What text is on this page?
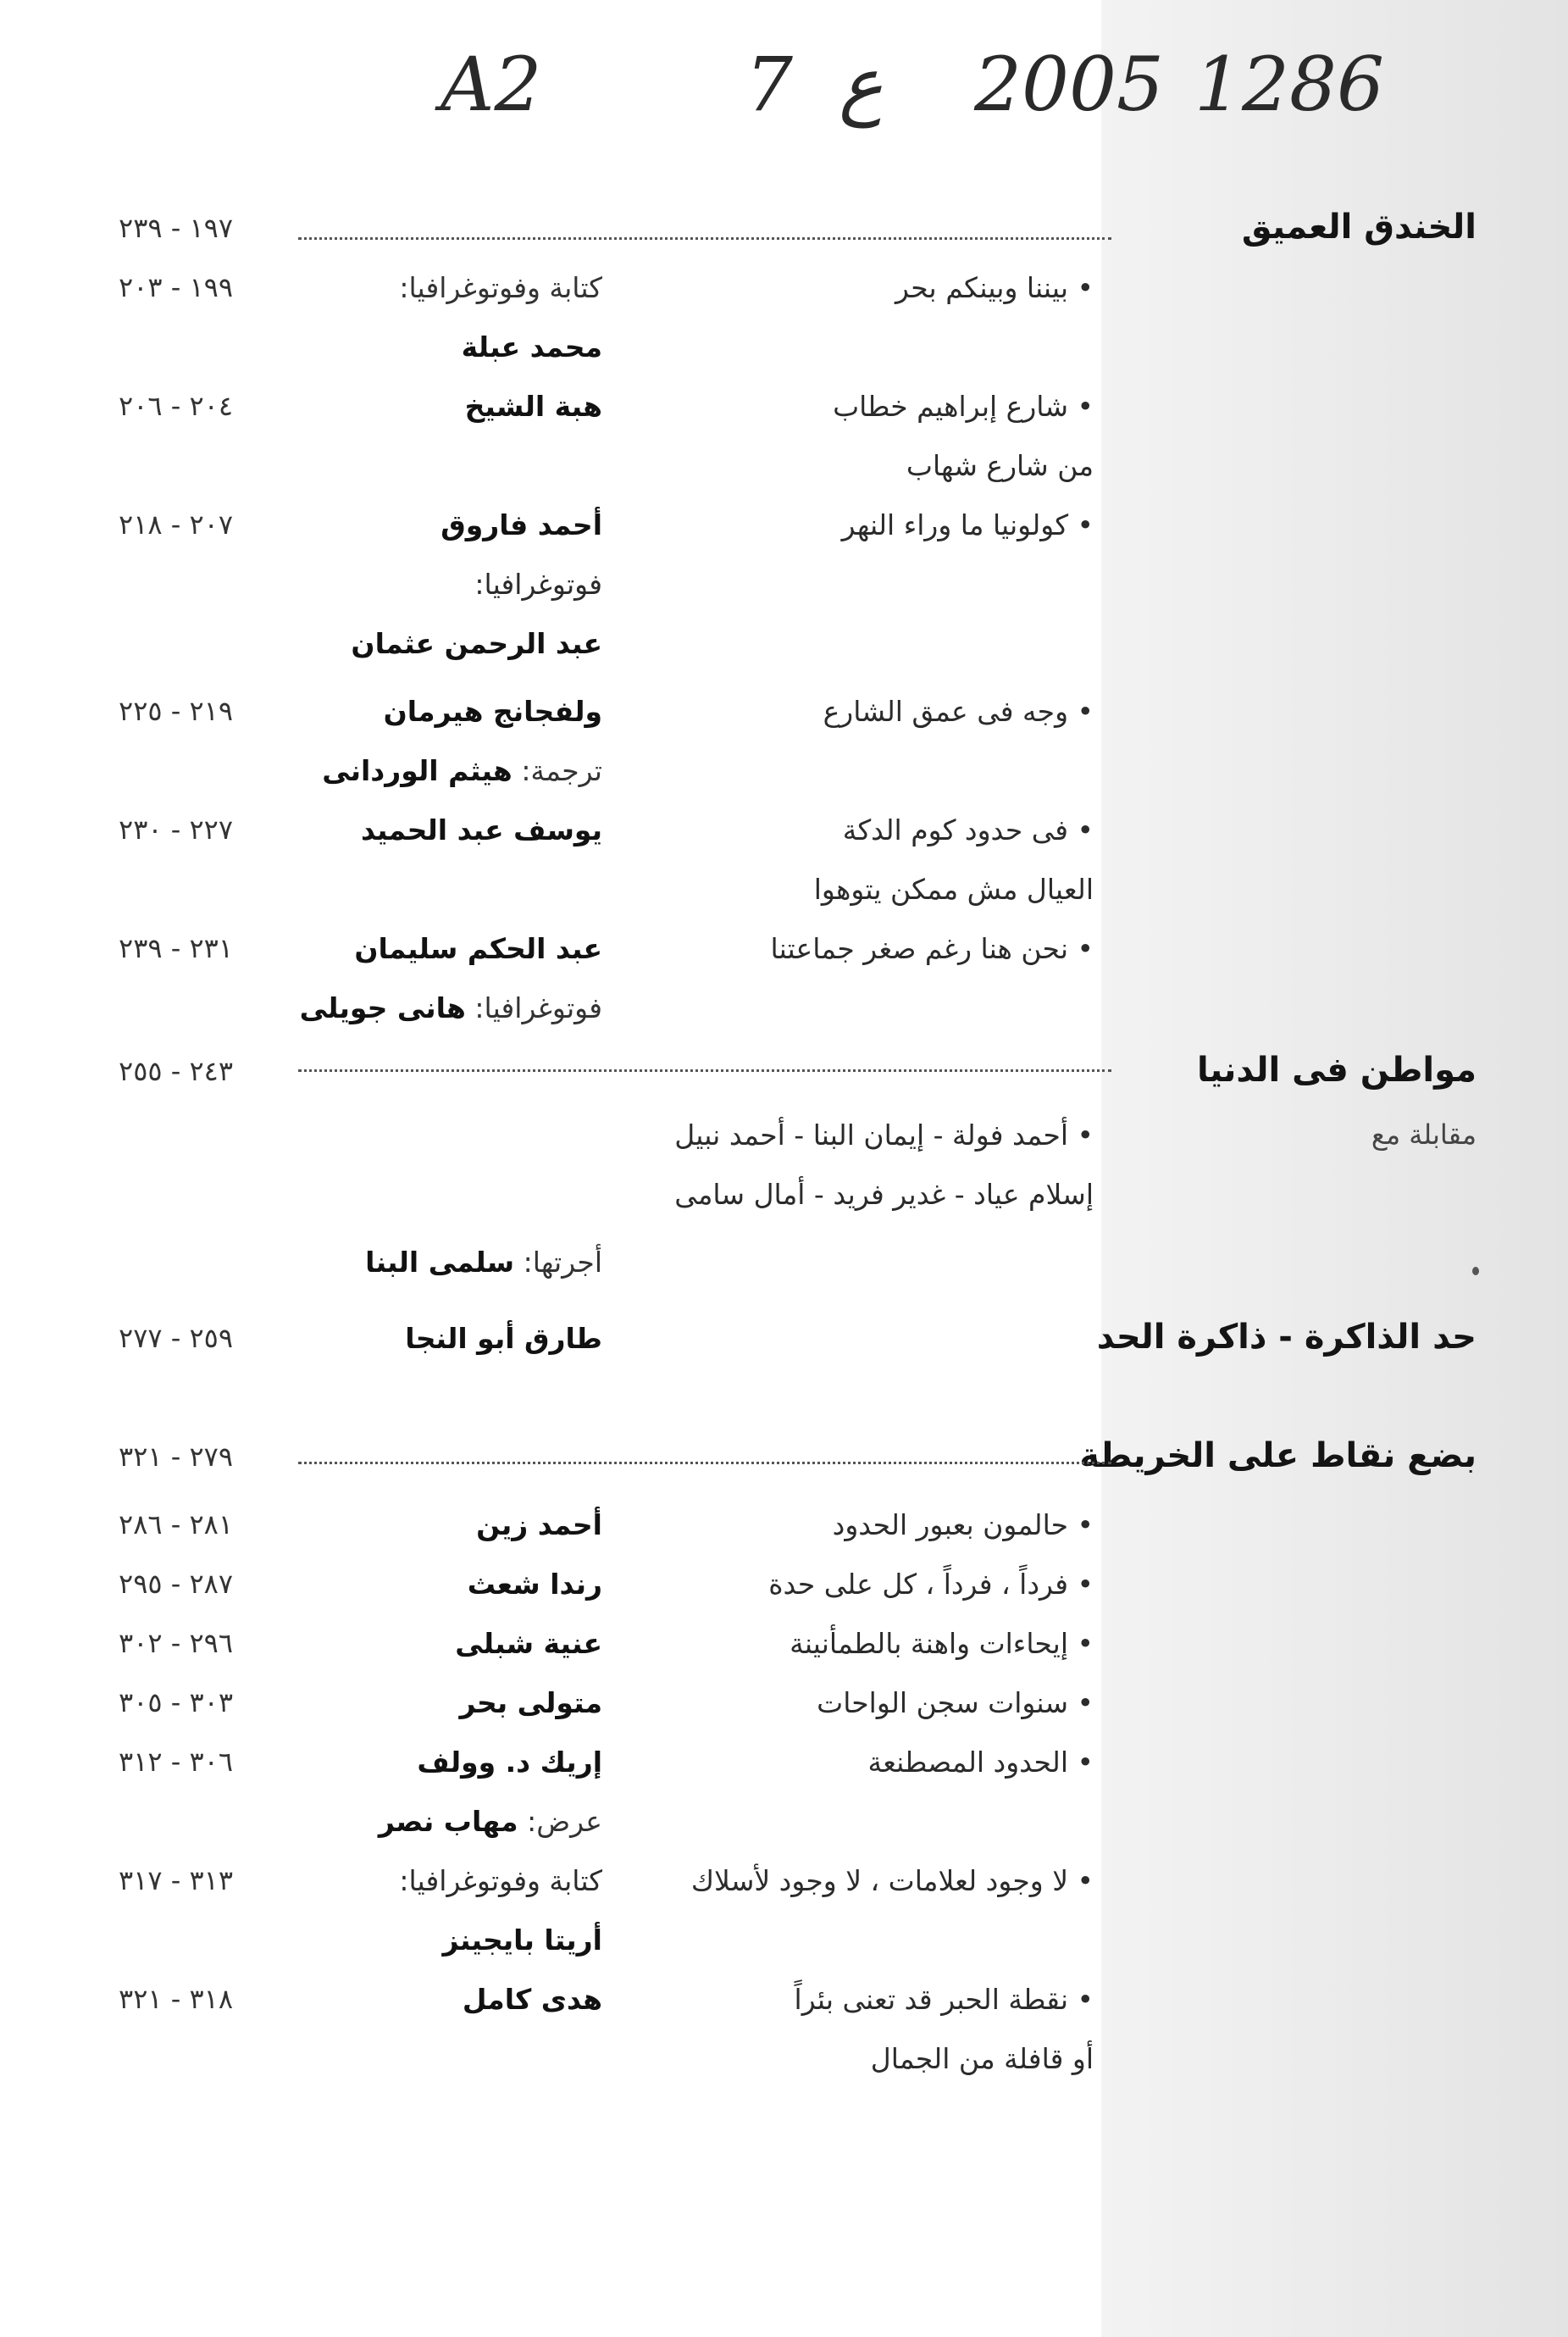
A2	7 ع 2005 1286
الخندق العميق
١٩٧ - ٢٣٩
• بيننا وبينكم بحر
كتابة وفوتوغرافيا:
محمد عبلة
١٩٩ - ٢٠٣
• شارع إبراهيم خطاب
من شارع شهاب
هبة الشيخ
٢٠٤ - ٢٠٦
• كولونيا ما وراء النهر
أحمد فاروق
فوتوغرافيا:
عبد الرحمن عثمان
٢٠٧ - ٢١٨
• وجه فى عمق الشارع
ولفجانج هيرمان
ترجمة: هيثم الوردانى
٢١٩ - ٢٢٥
• فى حدود كوم الدكة
العيال مش ممكن يتوهوا
يوسف عبد الحميد
٢٢٧ - ٢٣٠
• نحن هنا رغم صغر جماعتنا
عبد الحكم سليمان
فوتوغرافيا: هانى جويلى
٢٣١ - ٢٣٩
مواطن فى الدنيا
٢٤٣ - ٢٥٥
مقابلة مع
• أحمد فولة - إيمان البنا - أحمد نبيل
إسلام عياد - غدير فريد - أمال سامى
أجرتها: سلمى البنا
حد الذاكرة - ذاكرة الحد
طارق أبو النجا
٢٥٩ - ٢٧٧
بضع نقاط على الخريطة
٢٧٩ - ٣٢١
• حالمون بعبور الحدود
أحمد زين
٢٨١ - ٢٨٦
• فرداً ، فرداً ، كل على حدة
رندا شعث
٢٨٧ - ٢٩٥
• إيحاءات واهنة بالطمأنينة
عنية شبلى
٢٩٦ - ٣٠٢
• سنوات سجن الواحات
متولى بحر
٣٠٣ - ٣٠٥
• الحدود المصطنعة
إريك د. وولف
عرض: مهاب نصر
٣٠٦ - ٣١٢
• لا وجود لعلامات ، لا وجود لأسلاك
كتابة وفوتوغرافيا:
أريتا بايجينز
٣١٣ - ٣١٧
• نقطة الحبر قد تعنى بئراً
أو قافلة من الجمال
هدى كامل
٣١٨ - ٣٢١
